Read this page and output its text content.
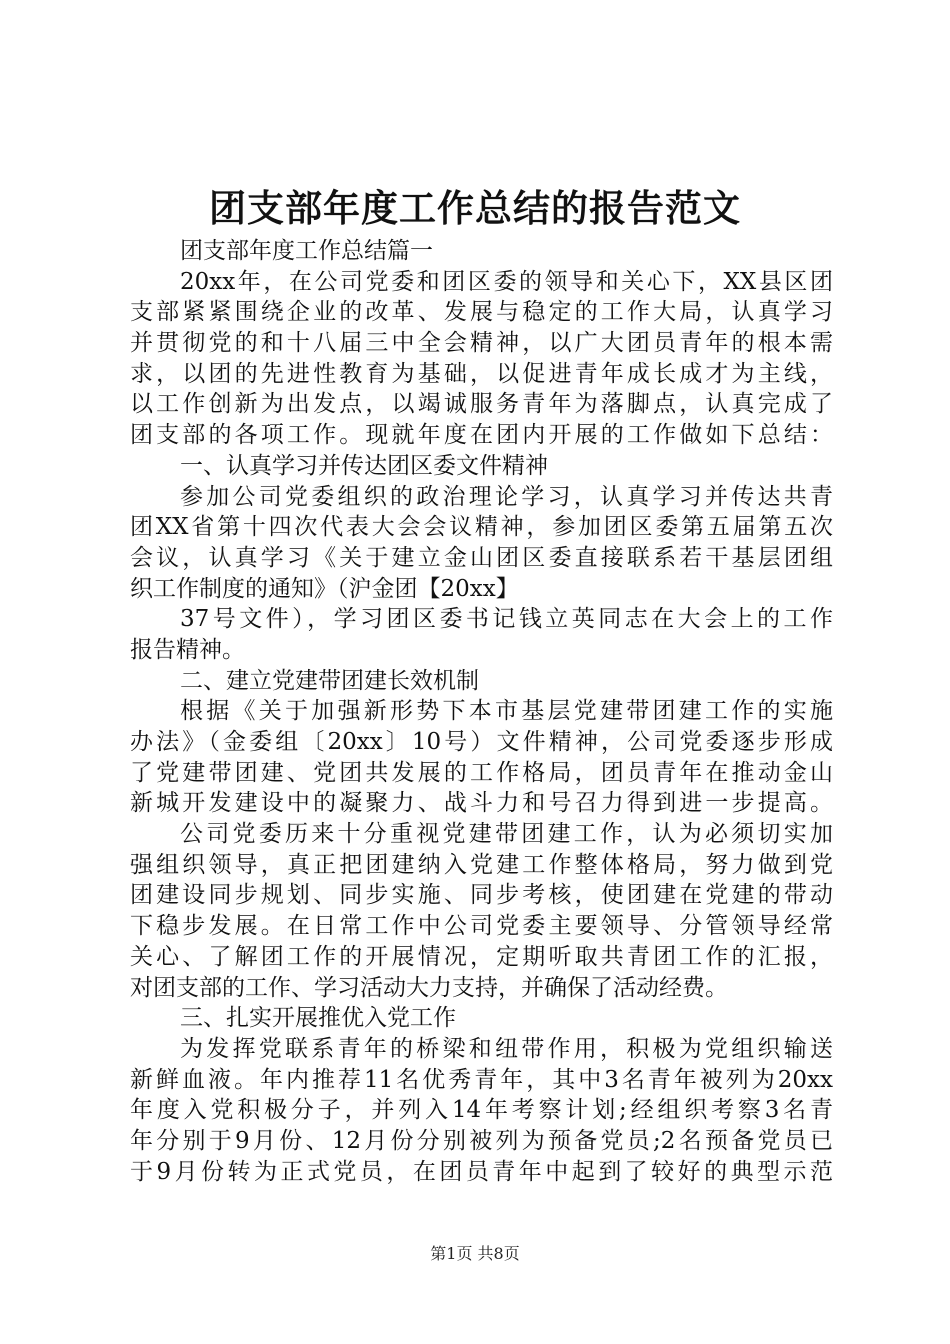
团支部年度工作总结的报告范文
团支部年度工作总结篇一
20xx年，在公司党委和团区委的领导和关心下，XX县区团
支部紧紧围绕企业的改革、发展与稳定的工作大局，认真学习
并贯彻党的和十八届三中全会精神，以广大团员青年的根本需
求，以团的先进性教育为基础，以促进青年成长成才为主线，
以工作创新为出发点，以竭诚服务青年为落脚点，认真完成了
团支部的各项工作。现就年度在团内开展的工作做如下总结：
一、认真学习并传达团区委文件精神
参加公司党委组织的政治理论学习，认真学习并传达共青
团XX省第十四次代表大会会议精神，参加团区委第五届第五次
会议，认真学习《关于建立金山团区委直接联系若干基层团组
织工作制度的通知》（沪金团【20xx】
37号文件），学习团区委书记钱立英同志在大会上的工作
报告精神。
二、建立党建带团建长效机制
根据《关于加强新形势下本市基层党建带团建工作的实施
办法》（金委组〔20xx〕10号）文件精神，公司党委逐步形成
了党建带团建、党团共发展的工作格局，团员青年在推动金山
新城开发建设中的凝聚力、战斗力和号召力得到进一步提高。
公司党委历来十分重视党建带团建工作，认为必须切实加
强组织领导，真正把团建纳入党建工作整体格局，努力做到党
团建设同步规划、同步实施、同步考核，使团建在党建的带动
下稳步发展。在日常工作中公司党委主要领导、分管领导经常
关心、了解团工作的开展情况，定期听取共青团工作的汇报，
对团支部的工作、学习活动大力支持，并确保了活动经费。
三、扎实开展推优入党工作
为发挥党联系青年的桥梁和纽带作用，积极为党组织输送
新鲜血液。年内推荐11名优秀青年，其中3名青年被列为20xx
年度入党积极分子，并列入14年考察计划;经组织考察3名青
年分别于9月份、12月份分别被列为预备党员;2名预备党员已
于9月份转为正式党员，在团员青年中起到了较好的典型示范
第1页 共8页
